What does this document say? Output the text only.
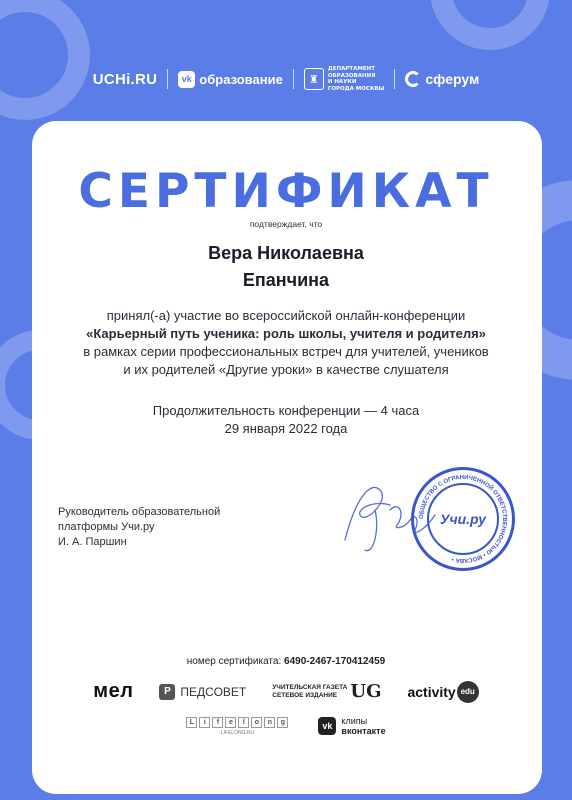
UCHi.RU	vk образование	♜
ДЕПАРТАМЕНТ
ОБРАЗОВАНИЯ
И НАУКИ
ГОРОДА МОСКВЫ
сферум
СЕРТИФИКАТ
подтверждает, что
Вера Николаевна
Епанчина
принял(-а) участие во всероссийской онлайн-конференции
«Карьерный путь ученика: роль школы, учителя и родителя»
в рамках серии профессиональных встреч для учителей, учеников
и их родителей «Другие уроки» в качестве слушателя
Продолжительность конференции — 4 часа
29 января 2022 года
Руководитель образовательной
платформы Учи.ру
И. А. Паршин
ОБЩЕСТВО С ОГРАНИЧЕННОЙ ОТВЕТСТВЕННОСТЬЮ • МОСКВА •
Учи.ру
номер сертификата: 6490-2467-170412459
мел	Р ПЕДСОВЕТ	УЧИТЕЛЬСКАЯ ГАЗЕТА
СЕТЕВОЕ ИЗДАНИЕ UG activity edu
L	i	f	e	l	o	n	g
LIFELONG.RU
vk	клипы
вконтакте
